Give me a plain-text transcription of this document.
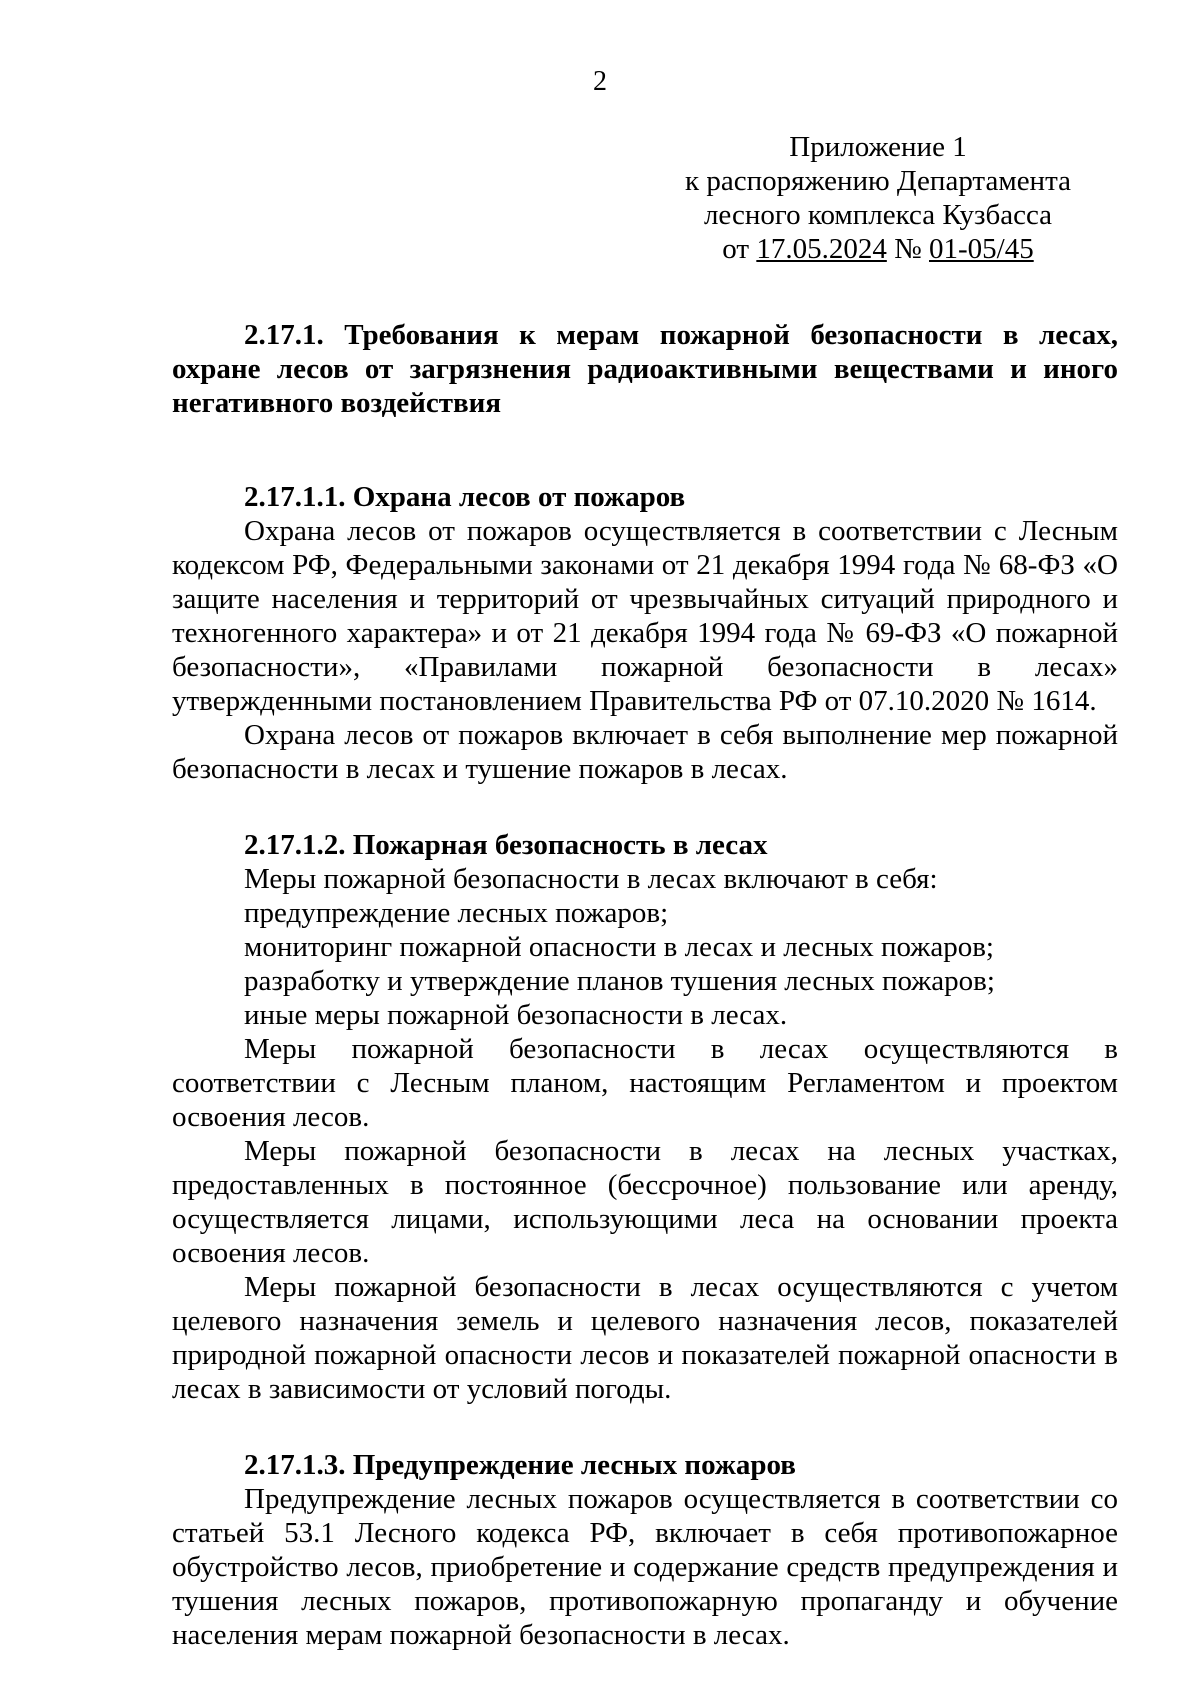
2
Приложение 1
к распоряжению Департамента
лесного комплекса Кузбасса
от 17.05.2024 № 01-05/45
2.17.1. Требования к мерам пожарной безопасности в лесах, охране лесов от загрязнения радиоактивными веществами и иного негативного воздействия
2.17.1.1. Охрана лесов от пожаров

Охрана лесов от пожаров осуществляется в соответствии с Лесным кодексом РФ, Федеральными законами от 21 декабря 1994 года № 68-ФЗ «О защите населения и территорий от чрезвычайных ситуаций природного и техногенного характера» и от 21 декабря 1994 года № 69-ФЗ «О пожарной безопасности», «Правилами пожарной безопасности в лесах» утвержденными постановлением Правительства РФ от 07.10.2020 № 1614.

Охрана лесов от пожаров включает в себя выполнение мер пожарной безопасности в лесах и тушение пожаров в лесах.

2.17.1.2. Пожарная безопасность в лесах
Меры пожарной безопасности в лесах включают в себя:
предупреждение лесных пожаров;
мониторинг пожарной опасности в лесах и лесных пожаров;
разработку и утверждение планов тушения лесных пожаров;
иные меры пожарной безопасности в лесах.

Меры пожарной безопасности в лесах осуществляются в соответствии с Лесным планом, настоящим Регламентом и проектом освоения лесов.

Меры пожарной безопасности в лесах на лесных участках, предоставленных в постоянное (бессрочное) пользование или аренду, осуществляется лицами, использующими леса на основании проекта освоения лесов.

Меры пожарной безопасности в лесах осуществляются с учетом целевого назначения земель и целевого назначения лесов, показателей природной пожарной опасности лесов и показателей пожарной опасности в лесах в зависимости от условий погоды.

2.17.1.3. Предупреждение лесных пожаров

Предупреждение лесных пожаров осуществляется в соответствии со статьей 53.1 Лесного кодекса РФ, включает в себя противопожарное обустройство лесов, приобретение и содержание средств предупреждения и тушения лесных пожаров, противопожарную пропаганду и обучение населения мерам пожарной безопасности в лесах.
